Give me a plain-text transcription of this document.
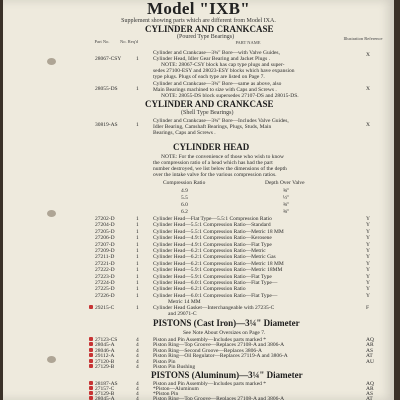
Model "IXB"
Supplement showing parts which are different from Model IXA.
Part No.	No. Req'd	PART NAME
Illustration Reference
CYLINDER AND CRANKCASE
(Poured Type Bearings)
28067-CSY	1
Cylinder and Crankcase—3¾" Bore—with Valve Guides,
Cylinder Head, Idler Gear Bearing and Jacket Plugs .
NOTE: 28067-CSY block has cap type plugs and super-
sedes 27100-ESY and 28023-ESY blocks which have expansion
type plugs. Plugs of each type are listed on Page 7.
X
28055-DS	1
Cylinder and Crankcase—3¾" Bore—same as above, also
Main Bearings machined to size with Caps and Screws .
NOTE: 28055-DS block supersedes 27107-DS and 28015-DS.
X
CYLINDER AND CRANKCASE
(Shell Type Bearings)
30819-AS	1
Cylinder and Crankcase—3¾" Bore—Includes Valve Guides,
Idler Bearing, Camshaft Bearings, Plugs, Studs, Main
Bearings, Caps and Screws .
X
CYLINDER HEAD
NOTE: For the convenience of those who wish to know
the compression ratio of a head which has had the part
number destroyed, we list below the dimensions of the depth
over the intake valve for the various compression ratios.
Compression Ratio	Depth Over Valve
4.9	⅝"
5.5	½"
6.0	⅜"
6.2	⅜"
27202-D	1	Cylinder Head—Flat Type—5.5:1 Compression Ratio	Y
27204-D	1	Cylinder Head—5.5:1 Compression Ratio—Standard	Y
27205-D	1	Cylinder Head—5.5:1 Compression Ratio—Metric 18 MM	Y
27206-D	1	Cylinder Head—4.9:1 Compression Ratio—Kerosene	Y
27207-D	1	Cylinder Head—4.9:1 Compression Ratio—Flat Type	Y
27209-D	1	Cylinder Head—6.2:1 Compression Ratio—Metric	Y
27211-D	1	Cylinder Head—6.2:1 Compression Ratio—Metric Gas	Y
27221-D	1	Cylinder Head—6.2:1 Compression Ratio—Metric 18 MM	Y
27222-D	1	Cylinder Head—5.9:1 Compression Ratio—Metric 18MM	Y
27223-D	1	Cylinder Head—5.9:1 Compression Ratio—Flat Type	Y
27224-D	1	Cylinder Head—6.0:1 Compression Ratio—Flat Type—	Y
27225-D	1	Cylinder Head—6.2:1 Compression Ratio	Y
27226-D	1	Cylinder Head—6.0:1 Compression Ratio—Flat Type—	Y
Metric 14 MM
29215-C	1	Cylinder Head Gasket—Interchangeable with 27235-C
and 29071-C
F
PISTONS (Cast Iron)—3¼" Diameter
See Note About Oversizes on Page 7.
27123-CS	4	Piston and Pin Assembly—Includes parts marked *	AQ
28045-A	4	Piston Ring—Top Groove—Replaces 27108-A and 3806-A	AR
28046-A	4	Piston Ring—Second Groove—Replaces 3806-A	AS
29112-A	4	Piston Ring—Oil Regulator—Replaces 27119-A and 3806-A	AT
27120-B	4	Piston Pin	AU
27129-B	4	Piston Pin Bushing
PISTONS (Aluminum)—3¼" Diameter
28187-AS	4	Piston and Pin Assembly—Includes parts marked *	AQ
27157-C	4	*Piston—Aluminum	AR
27129-B	4	*Piston Pin	AS
28045-A	4	Piston Ring—Top Groove—Replaces 27108-A and 3806-A	AT
